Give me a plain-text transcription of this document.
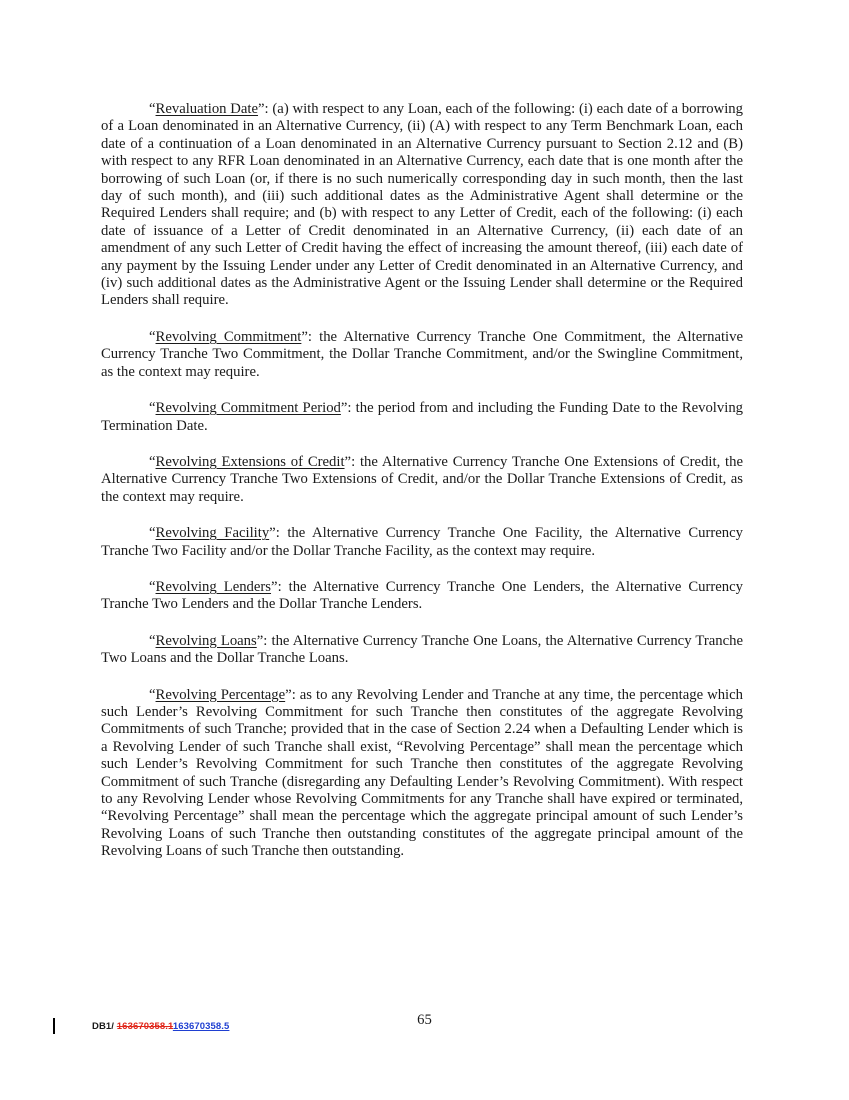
“Revaluation Date”: (a) with respect to any Loan, each of the following: (i) each date of a borrowing of a Loan denominated in an Alternative Currency, (ii) (A) with respect to any Term Benchmark Loan, each date of a continuation of a Loan denominated in an Alternative Currency pursuant to Section 2.12 and (B) with respect to any RFR Loan denominated in an Alternative Currency, each date that is one month after the borrowing of such Loan (or, if there is no such numerically corresponding day in such month, then the last day of such month), and (iii) such additional dates as the Administrative Agent shall determine or the Required Lenders shall require; and (b) with respect to any Letter of Credit, each of the following: (i) each date of issuance of a Letter of Credit denominated in an Alternative Currency, (ii) each date of an amendment of any such Letter of Credit having the effect of increasing the amount thereof, (iii) each date of any payment by the Issuing Lender under any Letter of Credit denominated in an Alternative Currency, and (iv) such additional dates as the Administrative Agent or the Issuing Lender shall determine or the Required Lenders shall require.

“Revolving Commitment”: the Alternative Currency Tranche One Commitment, the Alternative Currency Tranche Two Commitment, the Dollar Tranche Commitment, and/or the Swingline Commitment, as the context may require.

“Revolving Commitment Period”: the period from and including the Funding Date to the Revolving Termination Date.

“Revolving Extensions of Credit”: the Alternative Currency Tranche One Extensions of Credit, the Alternative Currency Tranche Two Extensions of Credit, and/or the Dollar Tranche Extensions of Credit, as the context may require.

“Revolving Facility”: the Alternative Currency Tranche One Facility, the Alternative Currency Tranche Two Facility and/or the Dollar Tranche Facility, as the context may require.

“Revolving Lenders”: the Alternative Currency Tranche One Lenders, the Alternative Currency Tranche Two Lenders and the Dollar Tranche Lenders.

“Revolving Loans”: the Alternative Currency Tranche One Loans, the Alternative Currency Tranche Two Loans and the Dollar Tranche Loans.

“Revolving Percentage”: as to any Revolving Lender and Tranche at any time, the percentage which such Lender’s Revolving Commitment for such Tranche then constitutes of the aggregate Revolving Commitments of such Tranche; provided that in the case of Section 2.24 when a Defaulting Lender which is a Revolving Lender of such Tranche shall exist, “Revolving Percentage” shall mean the percentage which such Lender’s Revolving Commitment for such Tranche then constitutes of the aggregate Revolving Commitment of such Tranche (disregarding any Defaulting Lender’s Revolving Commitment). With respect to any Revolving Lender whose Revolving Commitments for any Tranche shall have expired or terminated, “Revolving Percentage” shall mean the percentage which the aggregate principal amount of such Lender’s Revolving Loans of such Tranche then outstanding constitutes of the aggregate principal amount of the Revolving Loans of such Tranche then outstanding.

DB1/ 163670358.1163670358.5	65
